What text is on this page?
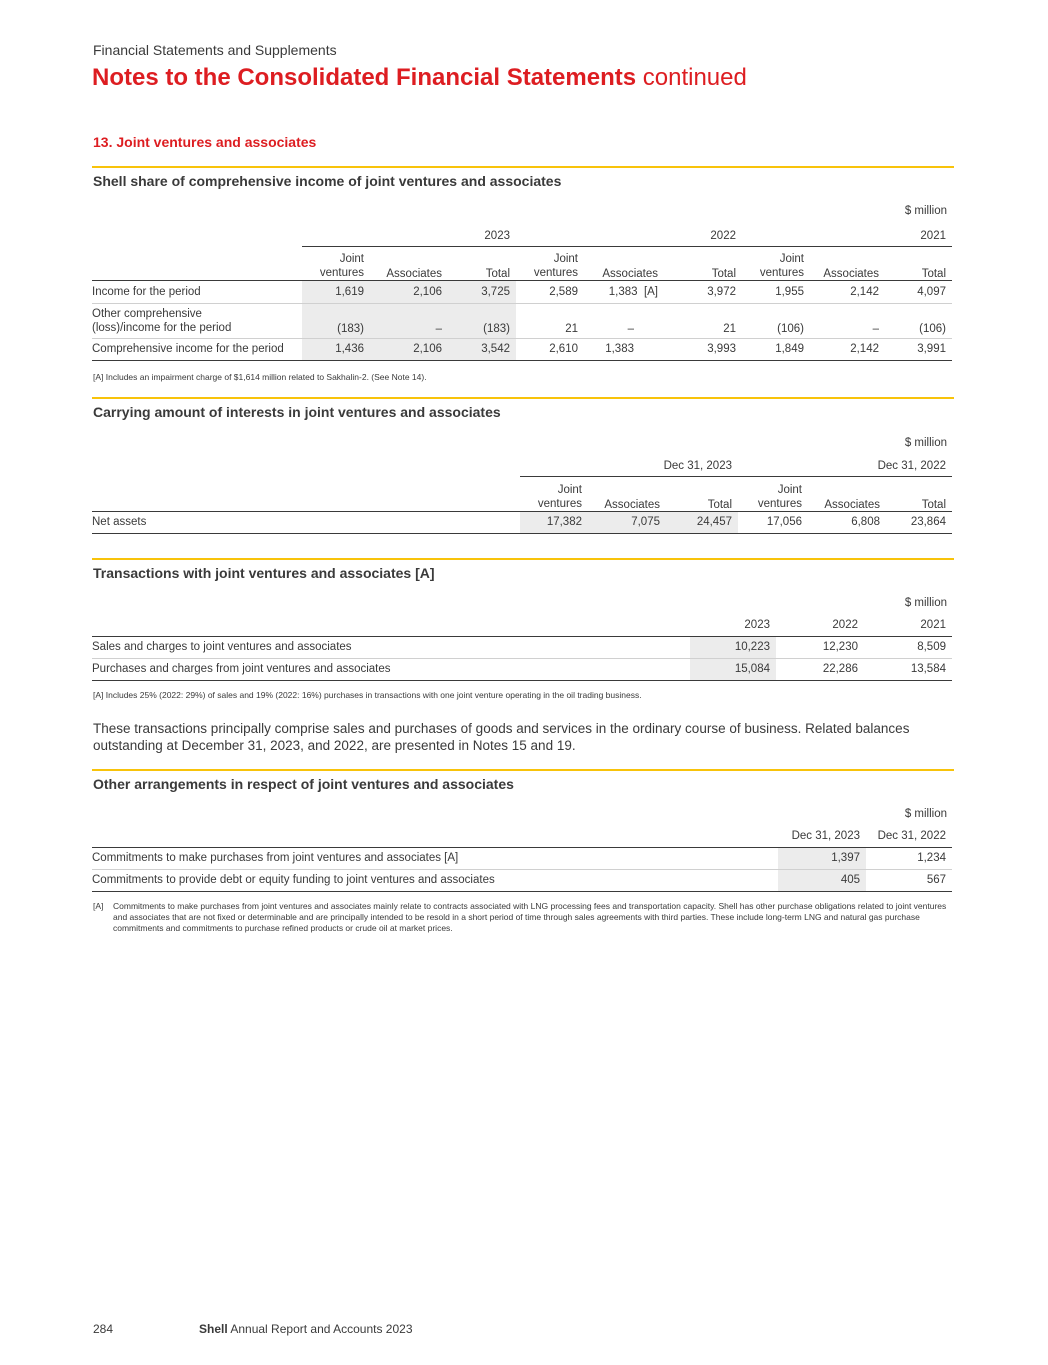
Financial Statements and Supplements
Notes to the Consolidated Financial Statements continued
13. Joint ventures and associates
Shell share of comprehensive income of joint ventures and associates
$ million
	2023			2022			2021		
	Joint
ventures	Associates	Total	Joint
ventures	Associates	Total	Joint
ventures	Associates	Total
Income for the period	1,619	2,106	3,725	2,589	1,383 [A]	3,972	1,955	2,142	4,097
Other comprehensive
(loss)/income for the period	(183)	–	(183)	21	–	21	(106)	–	(106)
Comprehensive income for the period	1,436	2,106	3,542	2,610	1,383	3,993	1,849	2,142	3,991
[A] Includes an impairment charge of $1,614 million related to Sakhalin-2. (See Note 14).
Carrying amount of interests in joint ventures and associates
$ million
	Dec 31, 2023			Dec 31, 2022		
	Joint
ventures	Associates	Total	Joint
ventures	Associates	Total
Net assets	17,382	7,075	24,457	17,056	6,808	23,864
Transactions with joint ventures and associates [A]
$ million
	2023	2022	2021
Sales and charges to joint ventures and associates	10,223	12,230	8,509
Purchases and charges from joint ventures and associates	15,084	22,286	13,584
[A] Includes 25% (2022: 29%) of sales and 19% (2022: 16%) purchases in transactions with one joint venture operating in the oil trading business.
These transactions principally comprise sales and purchases of goods and services in the ordinary course of business. Related balances outstanding at December 31, 2023, and 2022, are presented in Notes 15 and 19.
Other arrangements in respect of joint ventures and associates
$ million
	Dec 31, 2023	Dec 31, 2022
Commitments to make purchases from joint ventures and associates [A]	1,397	1,234
Commitments to provide debt or equity funding to joint ventures and associates	405	567
[A] Commitments to make purchases from joint ventures and associates mainly relate to contracts associated with LNG processing fees and transportation capacity. Shell has other purchase obligations related to joint ventures and associates that are not fixed or determinable and are principally intended to be resold in a short period of time through sales agreements with third parties. These include long-term LNG and natural gas purchase commitments and commitments to purchase refined products or crude oil at market prices.
284	Shell Annual Report and Accounts 2023
